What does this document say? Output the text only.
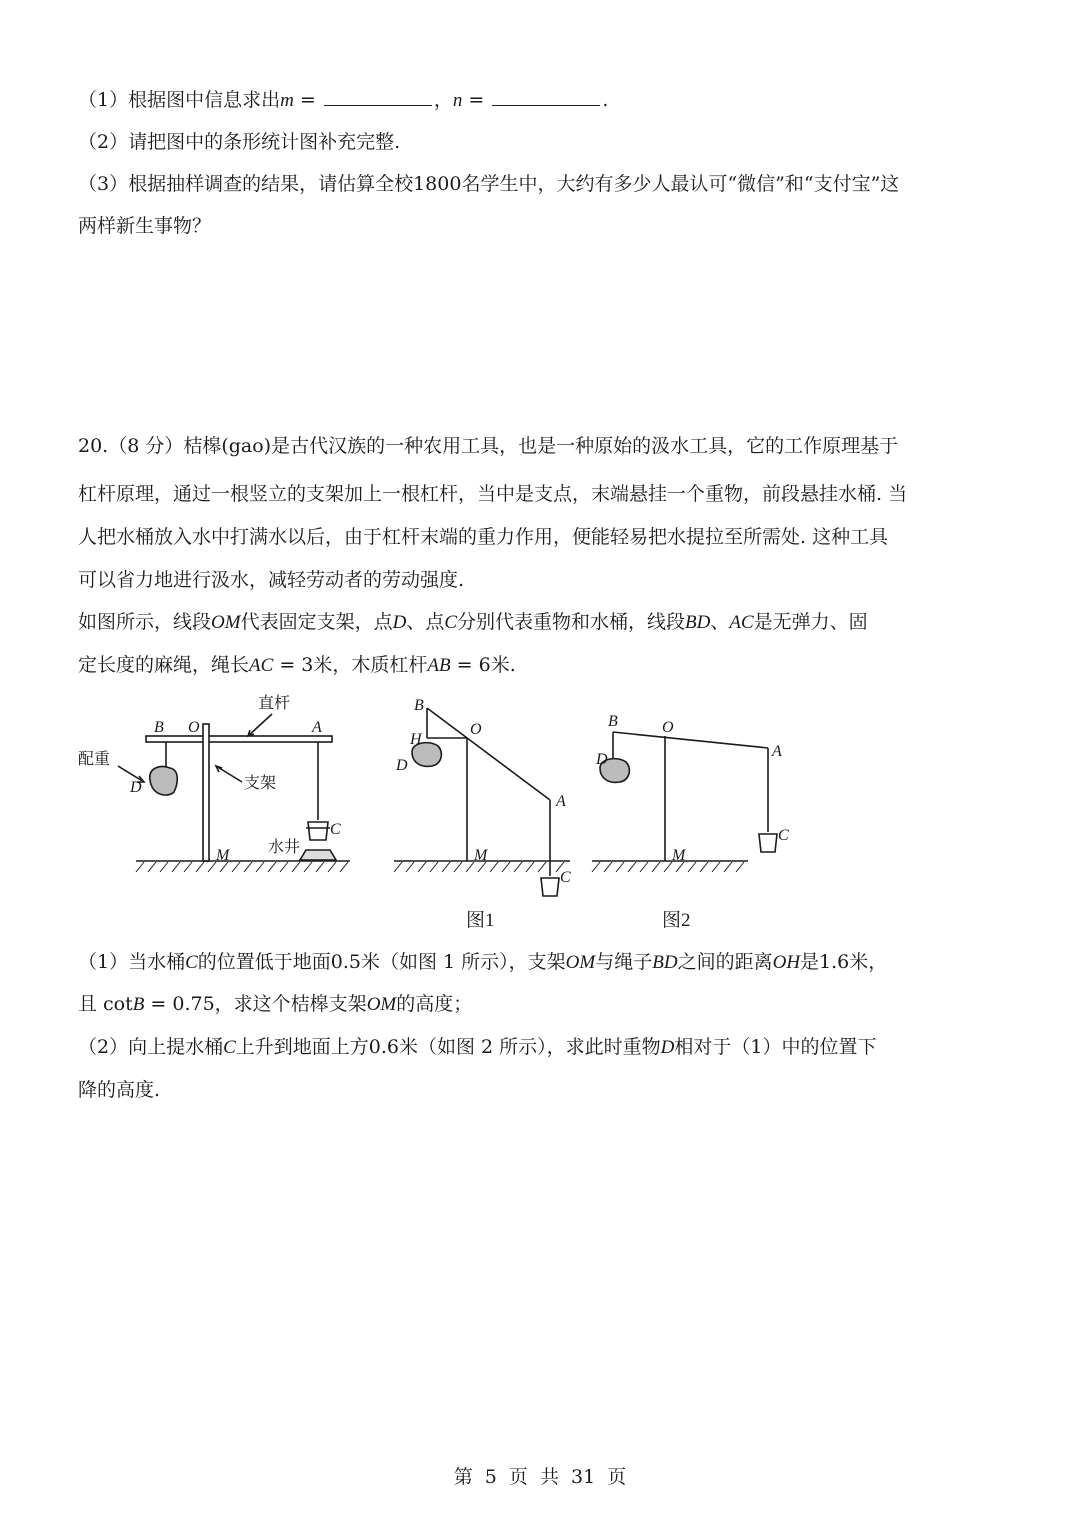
（1）根据图中信息求出m =	，n =	.
（2）请把图中的条形统计图补充完整.
（3）根据抽样调查的结果，请估算全校1800名学生中，大约有多少人最认可“微信”和“支付宝”这
两样新生事物？
20.（8 分）桔槔(gao)是古代汉族的一种农用工具，也是一种原始的汲水工具，它的工作原理基于
杠杆原理，通过一根竖立的支架加上一根杠杆，当中是支点，末端悬挂一个重物，前段悬挂水桶. 当
人把水桶放入水中打满水以后，由于杠杆末端的重力作用，便能轻易把水提拉至所需处. 这种工具
可以省力地进行汲水，减轻劳动者的劳动强度.
如图所示，线段OM代表固定支架，点D、点C分别代表重物和水桶，线段BD、AC是无弹力、固
定长度的麻绳，绳长AC = 3米，木质杠杆AB = 6米.
B O	A
D
C
M
直杆
配重
支架
水井
B
H
O
D
A
M
C
B	O
D	A
M
C
图1	图2
（1）当水桶C的位置低于地面0.5米（如图 1 所示），支架OM与绳子BD之间的距离OH是1.6米，
且 cotB = 0.75，求这个桔槔支架OM的高度；
（2）向上提水桶C上升到地面上方0.6米（如图 2 所示），求此时重物D相对于（1）中的位置下
降的高度.
第 5 页 共 31 页
